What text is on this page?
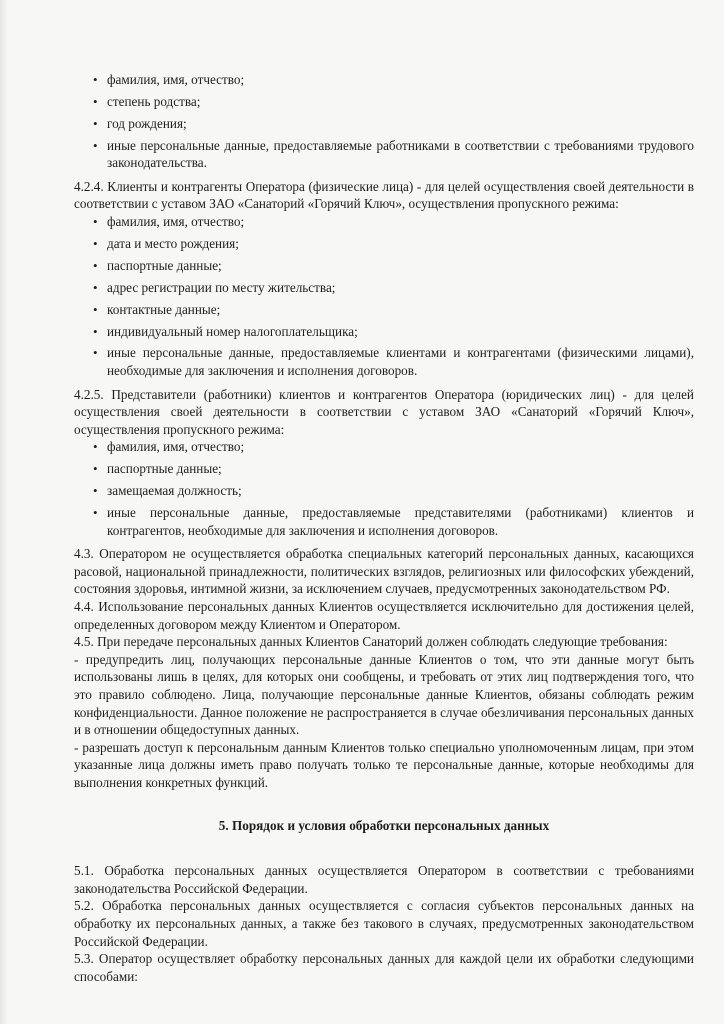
• фамилия, имя, отчество;
• степень родства;
• год рождения;
• иные персональные данные, предоставляемые работниками в соответствии с требованиями трудового законодательства.

4.2.4. Клиенты и контрагенты Оператора (физические лица) - для целей осуществления своей деятельности в соответствии с уставом ЗАО «Санаторий «Горячий Ключ», осуществления пропускного режима:

• фамилия, имя, отчество;
• дата и место рождения;
• паспортные данные;
• адрес регистрации по месту жительства;
• контактные данные;
• индивидуальный номер налогоплательщика;
• иные персональные данные, предоставляемые клиентами и контрагентами (физическими лицами), необходимые для заключения и исполнения договоров.

4.2.5. Представители (работники) клиентов и контрагентов Оператора (юридических лиц) - для целей осуществления своей деятельности в соответствии с уставом ЗАО «Санаторий «Горячий Ключ», осуществления пропускного режима:

• фамилия, имя, отчество;
• паспортные данные;
• замещаемая должность;
• иные персональные данные, предоставляемые представителями (работниками) клиентов и контрагентов, необходимые для заключения и исполнения договоров.

4.3. Оператором не осуществляется обработка специальных категорий персональных данных, касающихся расовой, национальной принадлежности, политических взглядов, религиозных или философских убеждений, состояния здоровья, интимной жизни, за исключением случаев, предусмотренных законодательством РФ.

4.4. Использование персональных данных Клиентов осуществляется исключительно для достижения целей, определенных договором между Клиентом и Оператором.

4.5. При передаче персональных данных Клиентов Санаторий должен соблюдать следующие требования:

- предупредить лиц, получающих персональные данные Клиентов о том, что эти данные могут быть использованы лишь в целях, для которых они сообщены, и требовать от этих лиц подтверждения того, что это правило соблюдено. Лица, получающие персональные данные Клиентов, обязаны соблюдать режим конфиденциальности. Данное положение не распространяется в случае обезличивания персональных данных и в отношении общедоступных данных.

- разрешать доступ к персональным данным Клиентов только специально уполномоченным лицам, при этом указанные лица должны иметь право получать только те персональные данные, которые необходимы для выполнения конкретных функций.

5. Порядок и условия обработки персональных данных

5.1. Обработка персональных данных осуществляется Оператором в соответствии с требованиями законодательства Российской Федерации.

5.2. Обработка персональных данных осуществляется с согласия субъектов персональных данных на обработку их персональных данных, а также без такового в случаях, предусмотренных законодательством Российской Федерации.

5.3. Оператор осуществляет обработку персональных данных для каждой цели их обработки следующими способами:
